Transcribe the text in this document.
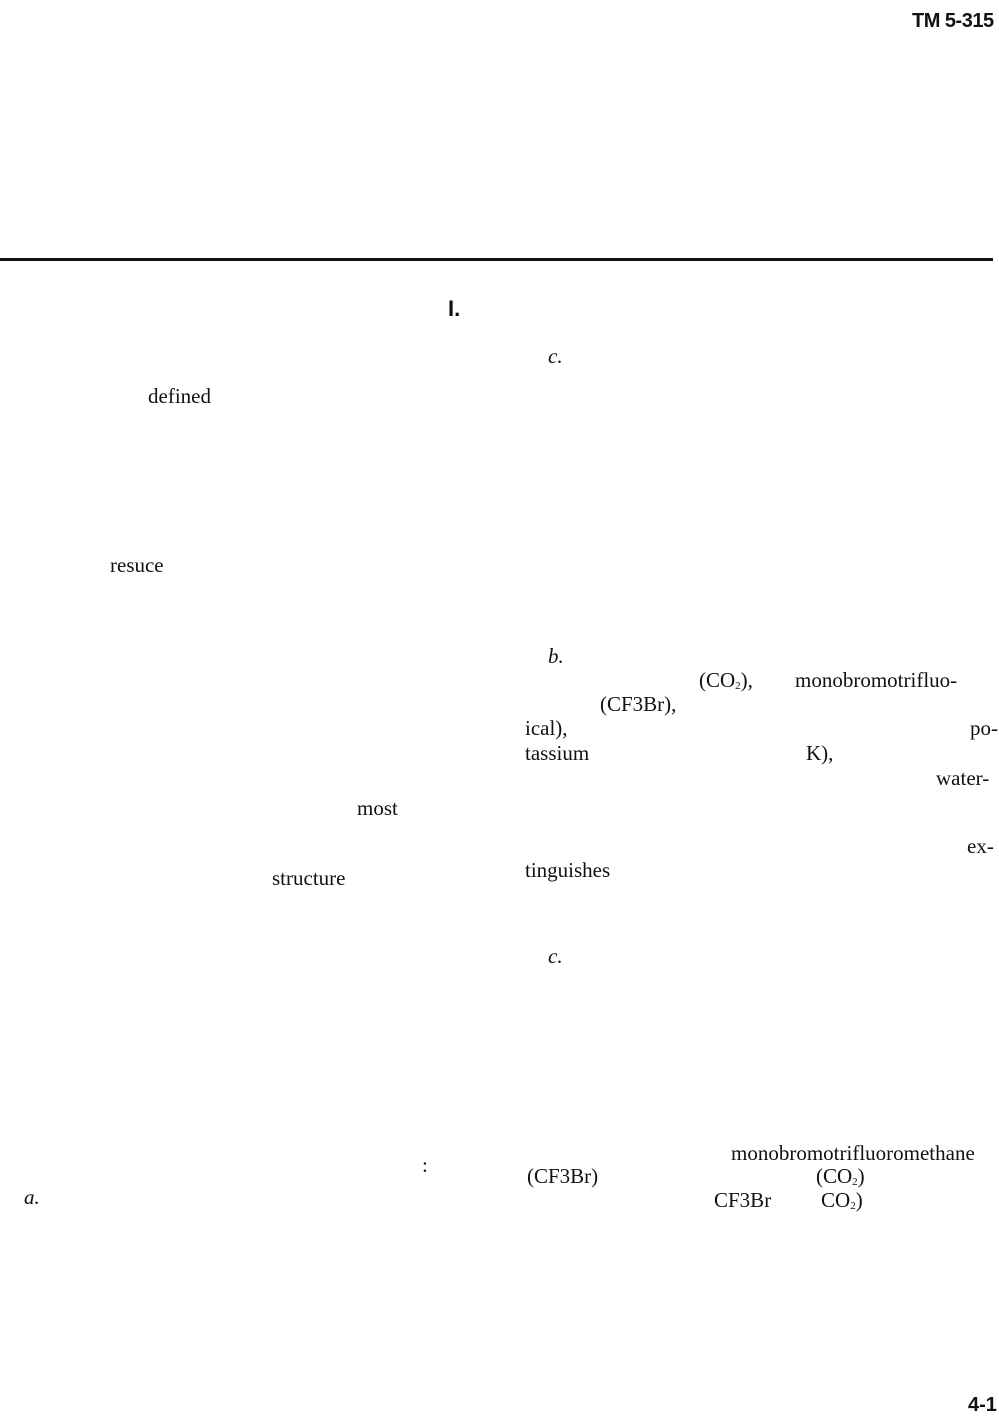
TM 5-315
I.
defined
resuce
most
structure
:
a.
c.
b.
$(CO_2)$, monobromotrifluo-
(CF3Br),
ical),	po-
tassium	K),
water-
ex-
tinguishes
c.
monobromotrifluoromethane
(CF3Br)	$(CO_2)$
CF3Br $CO_2$)
4-1
